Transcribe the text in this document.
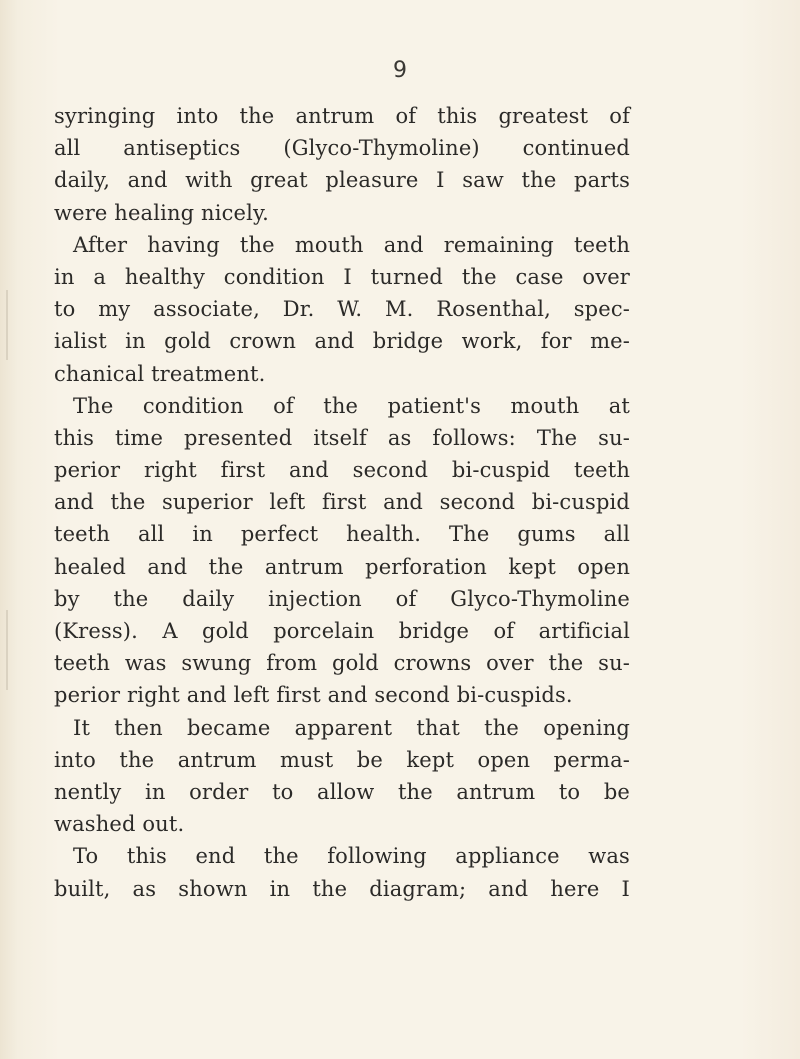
9
syringing into the antrum of this greatest of
all antiseptics (Glyco-Thymoline) continued
daily, and with great pleasure I saw the parts
were healing nicely.
After having the mouth and remaining teeth
in a healthy condition I turned the case over
to my associate, Dr. W. M. Rosenthal, spec-
ialist in gold crown and bridge work, for me-
chanical treatment.
The condition of the patient's mouth at
this time presented itself as follows: The su-
perior right first and second bi-cuspid teeth
and the superior left first and second bi-cuspid
teeth all in perfect health. The gums all
healed and the antrum perforation kept open
by the daily injection of Glyco-Thymoline
(Kress). A gold porcelain bridge of artificial
teeth was swung from gold crowns over the su-
perior right and left first and second bi-cuspids.
It then became apparent that the opening
into the antrum must be kept open perma-
nently in order to allow the antrum to be
washed out.
To this end the following appliance was
built, as shown in the diagram; and here I
